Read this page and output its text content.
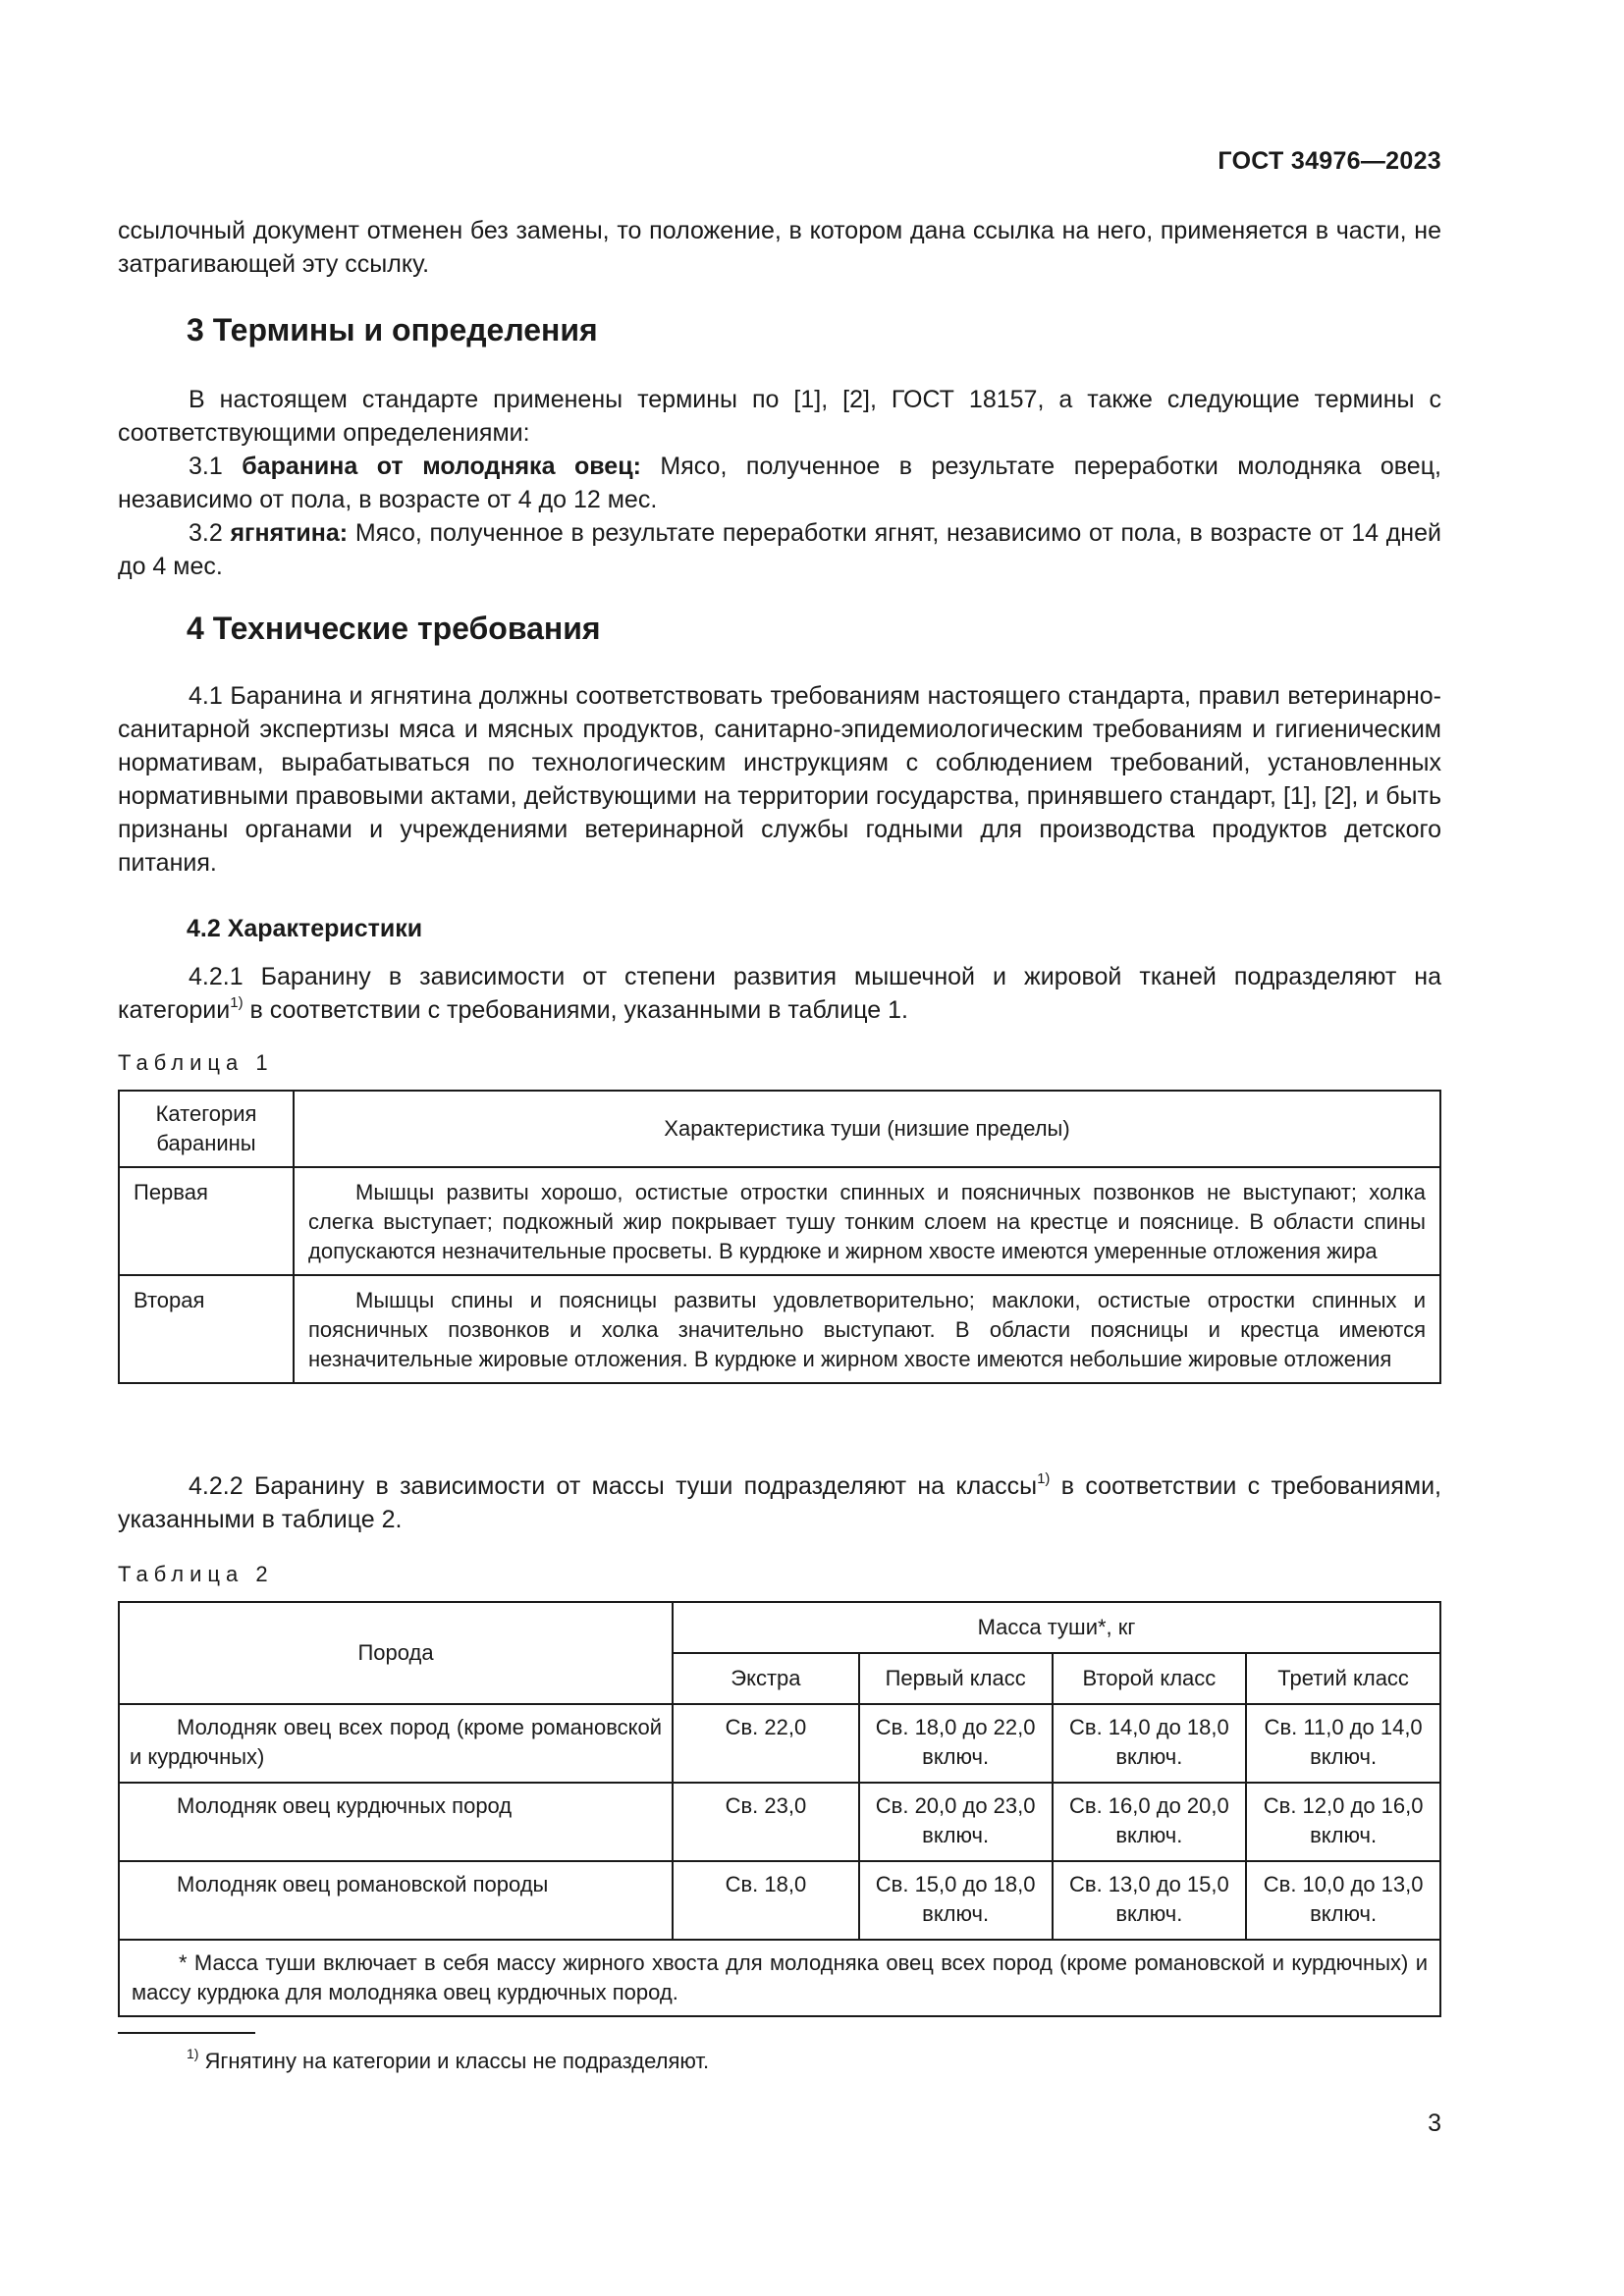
ГОСТ 34976—2023

ссылочный документ отменен без замены, то положение, в котором дана ссылка на него, применяется в части, не затрагивающей эту ссылку.

3 Термины и определения

В настоящем стандарте применены термины по [1], [2], ГОСТ 18157, а также следующие термины с соответствующими определениями:

3.1 баранина от молодняка овец: Мясо, полученное в результате переработки молодняка овец, независимо от пола, в возрасте от 4 до 12 мес.

3.2 ягнятина: Мясо, полученное в результате переработки ягнят, независимо от пола, в возрасте от 14 дней до 4 мес.

4 Технические требования

4.1 Баранина и ягнятина должны соответствовать требованиям настоящего стандарта, правил ветеринарно-санитарной экспертизы мяса и мясных продуктов, санитарно-эпидемиологическим требованиям и гигиеническим нормативам, вырабатываться по технологическим инструкциям с соблюдением требований, установленных нормативными правовыми актами, действующими на территории государства, принявшего стандарт, [1], [2], и быть признаны органами и учреждениями ветеринарной службы годными для производства продуктов детского питания.

4.2 Характеристики

4.2.1 Баранину в зависимости от степени развития мышечной и жировой тканей подразделяют на категории$^{1)}$ в соответствии с требованиями, указанными в таблице 1.

Таблица 1
Категория баранины	Характеристика туши (низшие пределы)
Первая	Мышцы развиты хорошо, остистые отростки спинных и поясничных позвонков не выступают; холка слегка выступает; подкожный жир покрывает тушу тонким слоем на крестце и пояснице. В области спины допускаются незначительные просветы. В курдюке и жирном хвосте имеются умеренные отложения жира
Вторая	Мышцы спины и поясницы развиты удовлетворительно; маклоки, остистые отростки спинных и поясничных позвонков и холка значительно выступают. В области поясницы и крестца имеются незначительные жировые отложения. В курдюке и жирном хвосте имеются небольшие жировые отложения

4.2.2 Баранину в зависимости от массы туши подразделяют на классы$^{1)}$ в соответствии с требованиями, указанными в таблице 2.

Таблица 2
Порода	Масса туши*, кг			
	Экстра	Первый класс	Второй класс	Третий класс
Молодняк овец всех пород (кроме романовской и курдючных)	Св. 22,0	Св. 18,0 до 22,0 включ.	Св. 14,0 до 18,0 включ.	Св. 11,0 до 14,0 включ.
Молодняк овец курдючных пород	Св. 23,0	Св. 20,0 до 23,0 включ.	Св. 16,0 до 20,0 включ.	Св. 12,0 до 16,0 включ.
Молодняк овец романовской породы	Св. 18,0	Св. 15,0 до 18,0 включ.	Св. 13,0 до 15,0 включ.	Св. 10,0 до 13,0 включ.
* Масса туши включает в себя массу жирного хвоста для молодняка овец всех пород (кроме романовской и курдючных) и массу курдюка для молодняка овец курдючных пород.				
$^{1)}$ Ягнятину на категории и классы не подразделяют.
3
